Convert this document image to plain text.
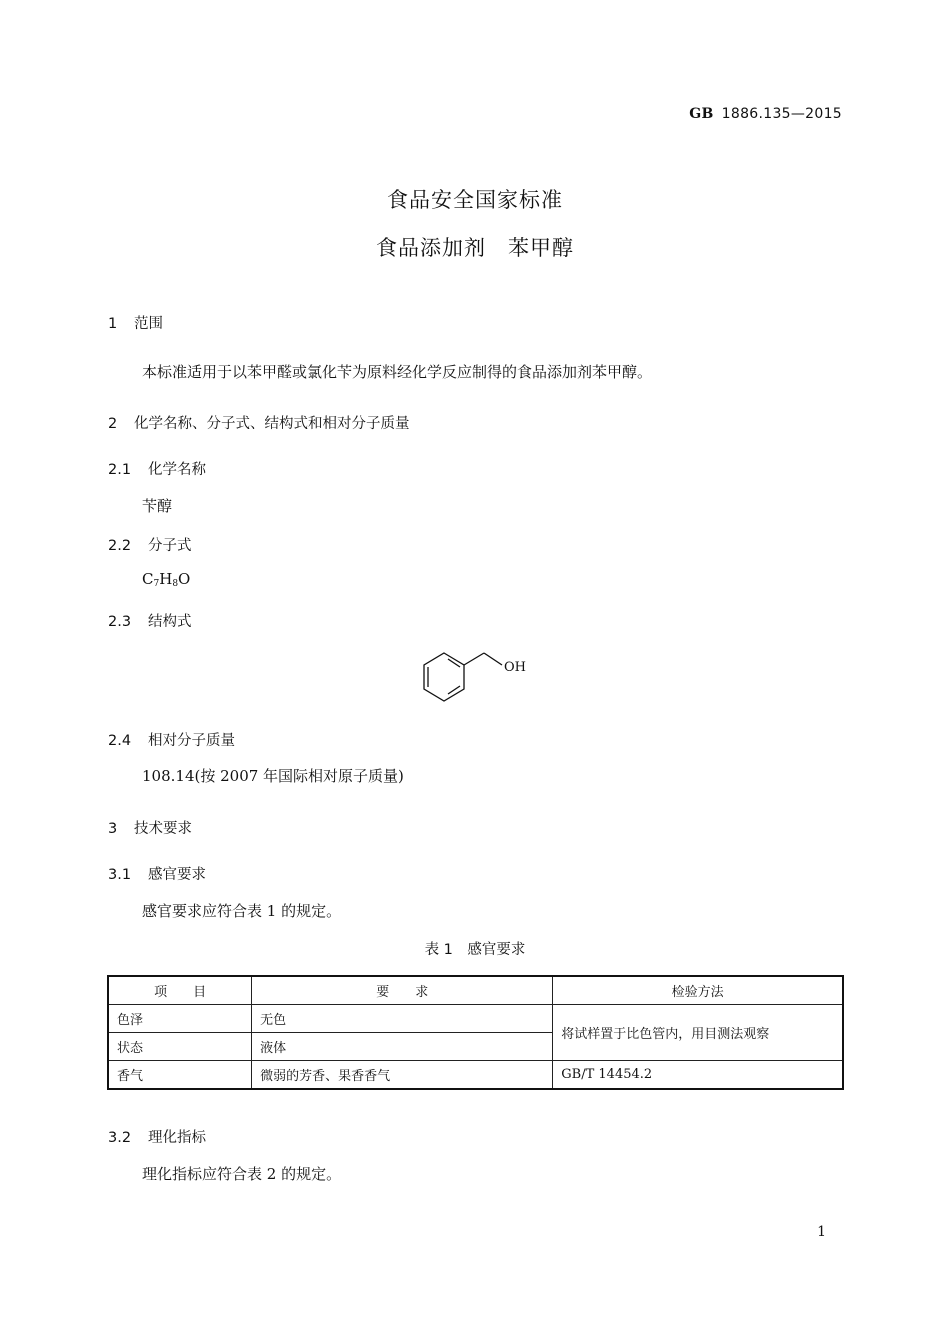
GB 1886.135—2015
食品安全国家标准
食品添加剂　苯甲醇
1 范围
本标准适用于以苯甲醛或氯化苄为原料经化学反应制得的食品添加剂苯甲醇。
2 化学名称、分子式、结构式和相对分子质量
2.1 化学名称
苄醇
2.2 分子式
$C_7H_8O$
2.3 结构式
OH
2.4 相对分子质量
108.14(按 2007 年国际相对原子质量)
3 技术要求
3.1 感官要求
感官要求应符合表 1 的规定。
表 1　感官要求
项　　目	要　　求	检验方法
色泽	无色	将试样置于比色管内，用目测法观察
状态	液体	
香气	微弱的芳香、果香香气	GB/T 14454.2
3.2 理化指标
理化指标应符合表 2 的规定。
1
